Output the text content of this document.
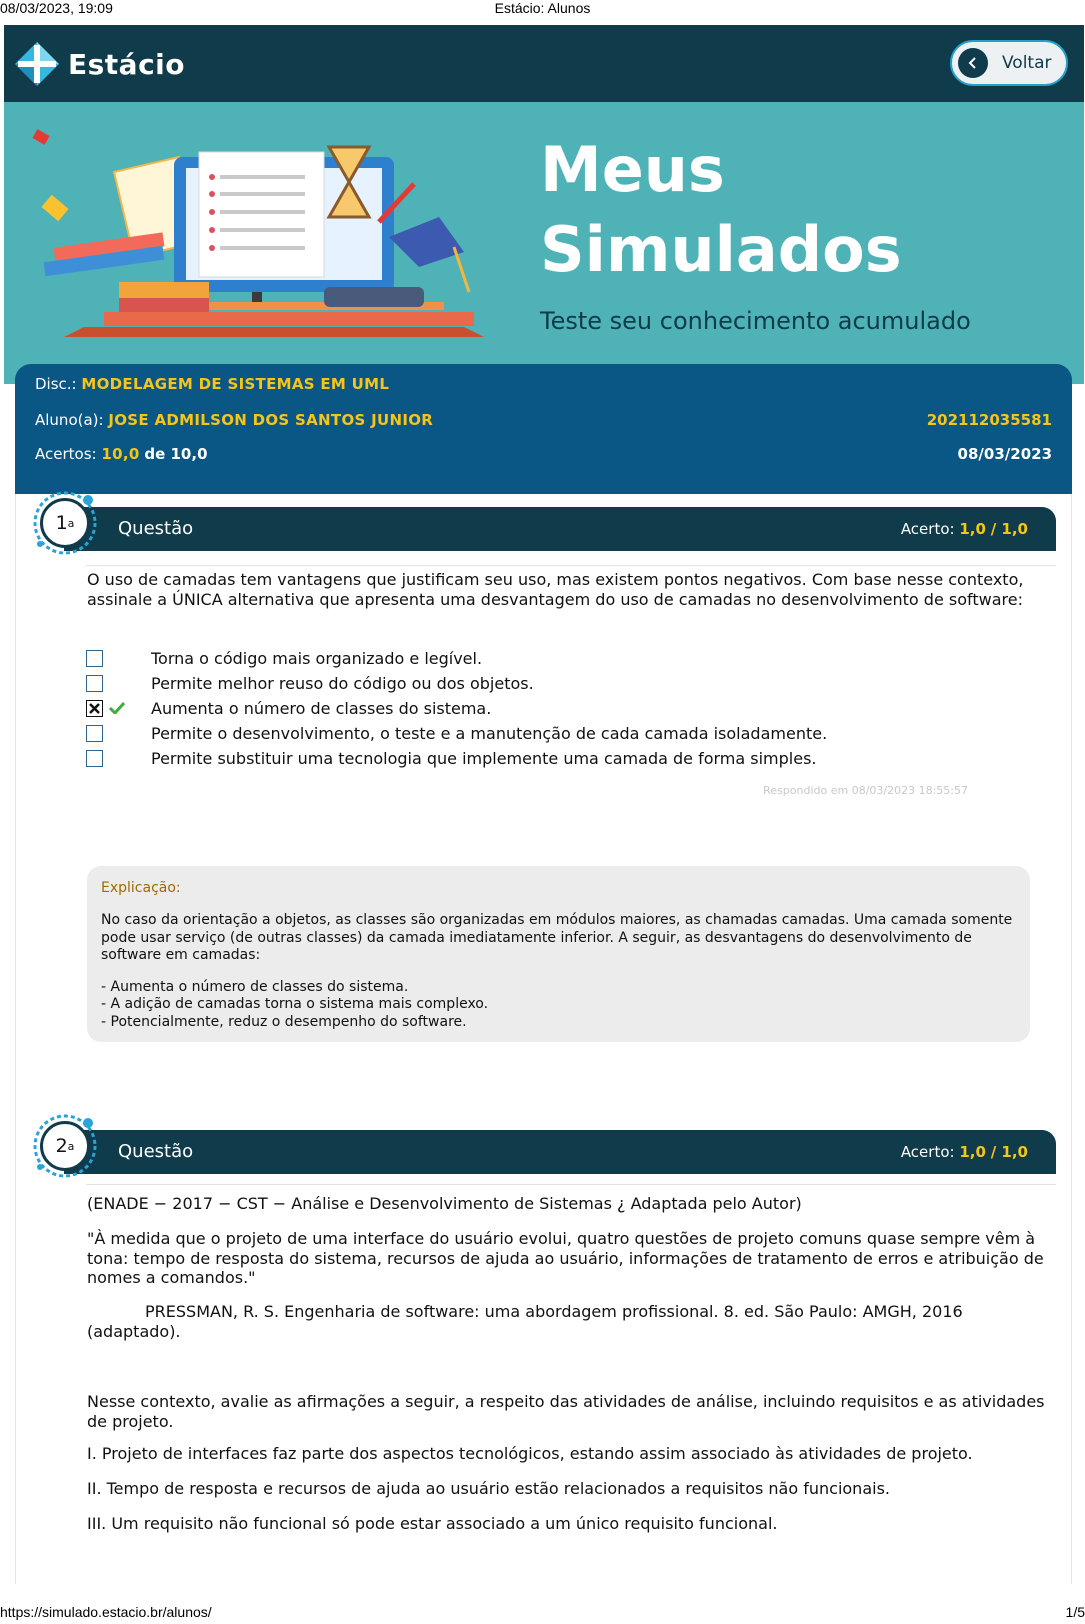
08/03/2023, 19:09	Estácio: Alunos
Estácio	Voltar
Meus
Simulados
Teste seu conhecimento acumulado
Disc.: MODELAGEM DE SISTEMAS EM UML
Aluno(a): JOSE ADMILSON DOS SANTOS JUNIOR	202112035581
Acertos: 10,0 de 10,0	08/03/2023
Questão	Acerto: 1,0 / 1,0
1 a
O uso de camadas tem vantagens que justificam seu uso, mas existem pontos negativos. Com base nesse contexto, assinale a ÚNICA alternativa que apresenta uma desvantagem do uso de camadas no desenvolvimento de software:
Torna o código mais organizado e legível.
Permite melhor reuso do código ou dos objetos.
Aumenta o número de classes do sistema.
Permite o desenvolvimento, o teste e a manutenção de cada camada isoladamente.
Permite substituir uma tecnologia que implemente uma camada de forma simples.
Respondido em 08/03/2023 18:55:57
Explicação:

No caso da orientação a objetos, as classes são organizadas em módulos maiores, as chamadas camadas. Uma camada somente pode usar serviço (de outras classes) da camada imediatamente inferior. A seguir, as desvantagens do desenvolvimento de software em camadas:

- Aumenta o número de classes do sistema.

- A adição de camadas torna o sistema mais complexo.

- Potencialmente, reduz o desempenho do software.

Questão	Acerto: 1,0 / 1,0
2 a
(ENADE − 2017 − CST − Análise e Desenvolvimento de Sistemas ¿ Adaptada pelo Autor)
"À medida que o projeto de uma interface do usuário evolui, quatro questões de projeto comuns quase sempre vêm à tona: tempo de resposta do sistema, recursos de ajuda ao usuário, informações de tratamento de erros e atribuição de nomes a comandos."
PRESSMAN, R. S. Engenharia de software: uma abordagem profissional. 8. ed. São Paulo: AMGH, 2016 (adaptado).
Nesse contexto, avalie as afirmações a seguir, a respeito das atividades de análise, incluindo requisitos e as atividades de projeto.
I. Projeto de interfaces faz parte dos aspectos tecnológicos, estando assim associado às atividades de projeto.
II. Tempo de resposta e recursos de ajuda ao usuário estão relacionados a requisitos não funcionais.
III. Um requisito não funcional só pode estar associado a um único requisito funcional.
https://simulado.estacio.br/alunos/	1/5
